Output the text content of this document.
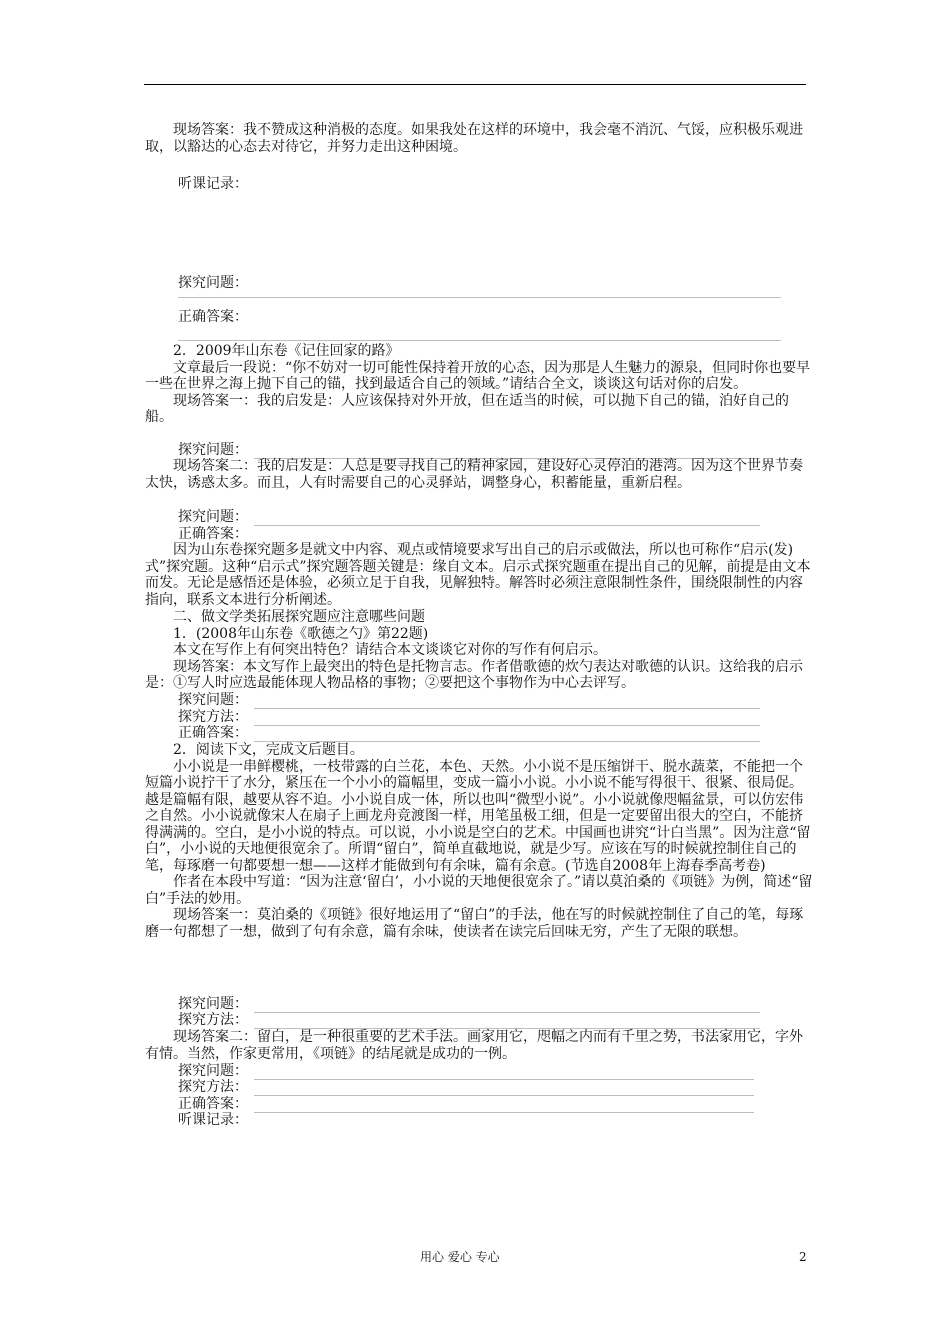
现场答案：我不赞成这种消极的态度。如果我处在这样的环境中，我会毫不消沉、气馁，应积极乐观进取，以豁达的心态去对待它，并努力走出这种困境。

听课记录：
探究问题：
正确答案：

2．2009年山东卷《记住回家的路》

文章最后一段说：“你不妨对一切可能性保持着开放的心态，因为那是人生魅力的源泉，但同时你也要早一些在世界之海上抛下自己的锚，找到最适合自己的领域。”请结合全文，谈谈这句话对你的启发。

现场答案一：我的启发是：人应该保持对外开放，但在适当的时候，可以抛下自己的锚，泊好自己的船。

探究问题：

现场答案二：我的启发是：人总是要寻找自己的精神家园，建设好心灵停泊的港湾。因为这个世界节奏太快，诱惑太多。而且，人有时需要自己的心灵驿站，调整身心，积蓄能量，重新启程。

探究问题：
正确答案：

因为山东卷探究题多是就文中内容、观点或情境要求写出自己的启示或做法，所以也可称作“启示(发)式”探究题。这种“启示式”探究题答题关键是：缘自文本。启示式探究题重在提出自己的见解，前提是由文本而发。无论是感悟还是体验，必须立足于自我，见解独特。解答时必须注意限制性条件，围绕限制性的内容指向，联系文本进行分析阐述。

二、做文学类拓展探究题应注意哪些问题

1．(2008年山东卷《歌德之勺》第22题)

本文在写作上有何突出特色？请结合本文谈谈它对你的写作有何启示。

现场答案：本文写作上最突出的特色是托物言志。作者借歌德的炊勺表达对歌德的认识。这给我的启示是：①写人时应选最能体现人物品格的事物；②要把这个事物作为中心去评写。

探究问题：
探究方法：
正确答案：

2．阅读下文，完成文后题目。

小小说是一串鲜樱桃，一枝带露的白兰花，本色、天然。小小说不是压缩饼干、脱水蔬菜，不能把一个短篇小说拧干了水分，紧压在一个小小的篇幅里，变成一篇小小说。小小说不能写得很干、很紧、很局促。越是篇幅有限，越要从容不迫。小小说自成一体，所以也叫“微型小说”。小小说就像咫幅盆景，可以仿宏伟之自然。小小说就像宋人在扇子上画龙舟竞渡图一样，用笔虽极工细，但是一定要留出很大的空白，不能挤得满满的。空白，是小小说的特点。可以说，小小说是空白的艺术。中国画也讲究“计白当黑”。因为注意“留白”，小小说的天地便很宽余了。所谓“留白”，简单直截地说，就是少写。应该在写的时候就控制住自己的笔，每琢磨一句都要想一想——这样才能做到句有余味，篇有余意。(节选自2008年上海春季高考卷)

作者在本段中写道：“因为注意‘留白’，小小说的天地便很宽余了。”请以莫泊桑的《项链》为例，简述“留白”手法的妙用。

现场答案一：莫泊桑的《项链》很好地运用了“留白”的手法，他在写的时候就控制住了自己的笔，每琢磨一句都想了一想，做到了句有余意，篇有余味，使读者在读完后回味无穷，产生了无限的联想。

探究问题：
探究方法：

现场答案二：留白，是一种很重要的艺术手法。画家用它，咫幅之内而有千里之势，书法家用它，字外有情。当然，作家更常用，《项链》的结尾就是成功的一例。

探究问题：
探究方法：
正确答案：
听课记录：
用心 爱心 专心	2
